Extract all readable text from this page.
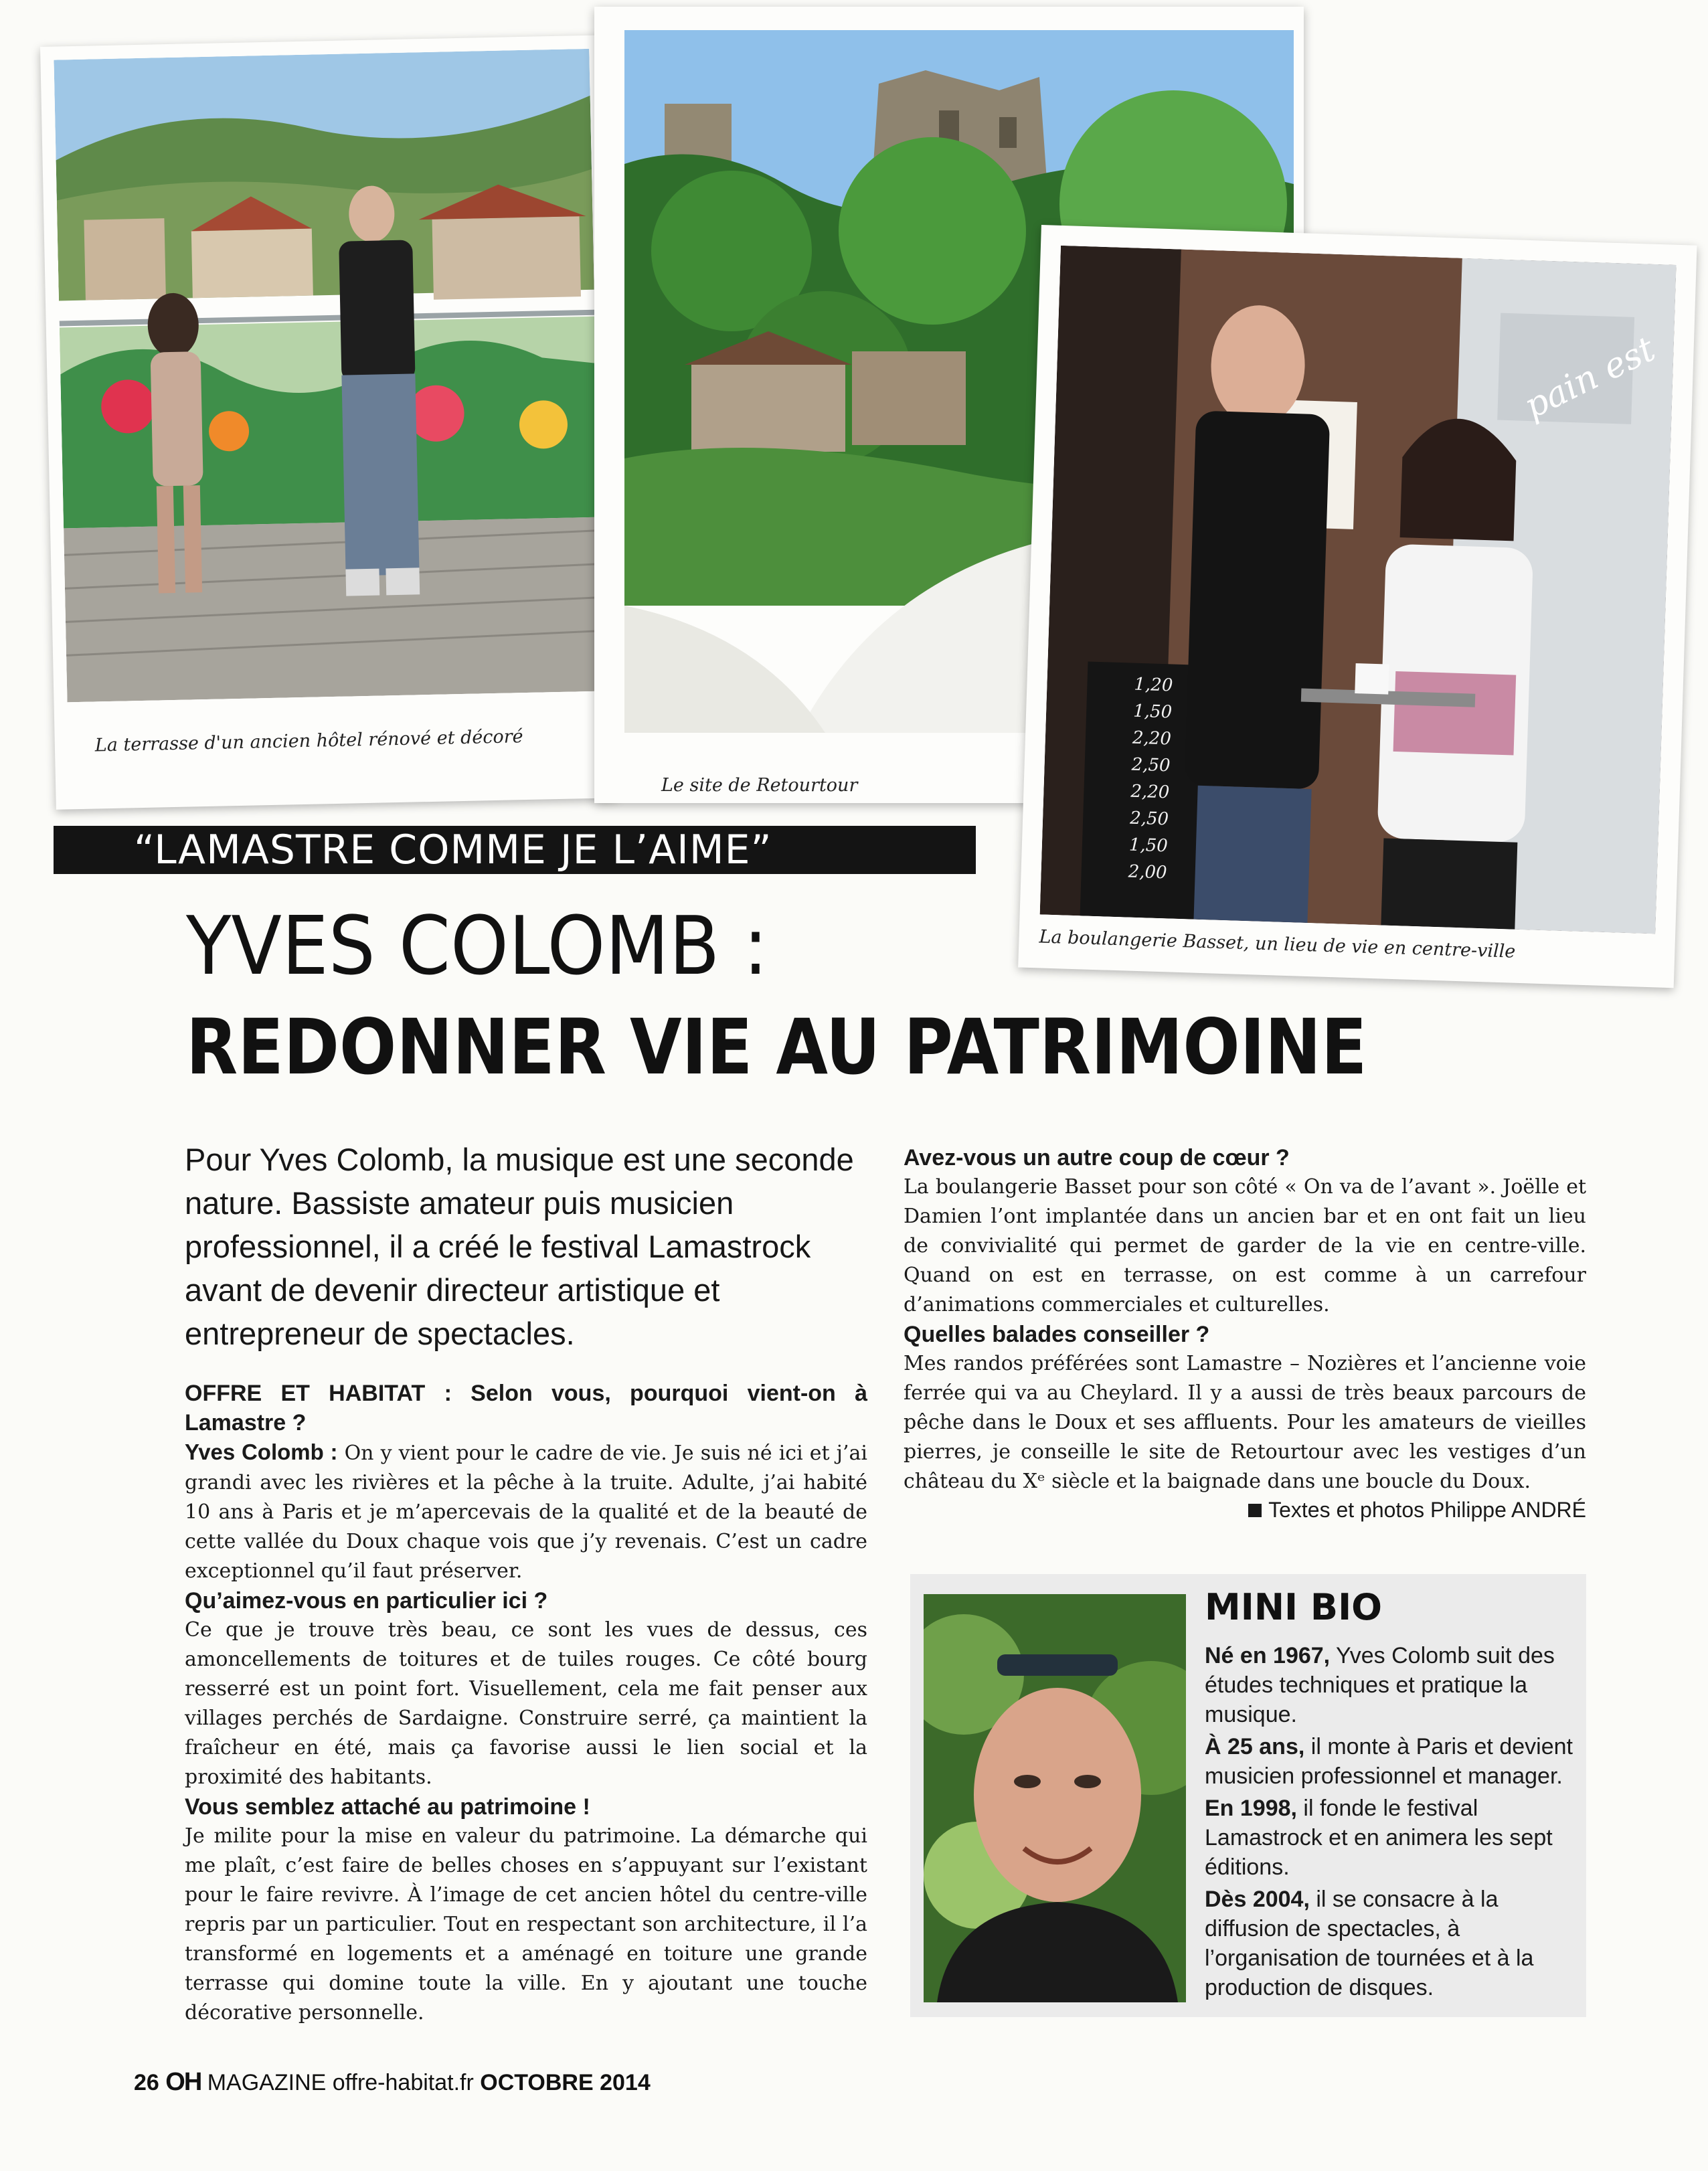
La terrasse d'un ancien hôtel rénové et décoré
Le site de Retourtour
pain est
1,20
1,50
2,20
2,50
2,20
2,50
1,50
2,00
La boulangerie Basset, un lieu de vie en centre-ville
“LAMASTRE COMME JE L’AIME”
YVES COLOMB :
REDONNER VIE AU PATRIMOINE
Pour Yves Colomb, la musique est une seconde nature. Bassiste amateur puis musicien professionnel, il a créé le festival Lamastrock avant de devenir directeur artistique et entrepreneur de spectacles.

OFFRE ET HABITAT : Selon vous, pourquoi vient-on à Lamastre ?

Yves Colomb : On y vient pour le cadre de vie. Je suis né ici et j’ai grandi avec les rivières et la pêche à la truite. Adulte, j’ai habité 10 ans à Paris et je m’apercevais de la qualité et de la beauté de cette vallée du Doux chaque vois que j’y revenais. C’est un cadre exceptionnel qu’il faut préserver.

Qu’aimez-vous en particulier ici ?

Ce que je trouve très beau, ce sont les vues de dessus, ces amoncellements de toitures et de tuiles rouges. Ce côté bourg resserré est un point fort. Visuellement, cela me fait penser aux villages perchés de Sardaigne. Construire serré, ça maintient la fraîcheur en été, mais ça favorise aussi le lien social et la proximité des habitants.

Vous semblez attaché au patrimoine !

Je milite pour la mise en valeur du patrimoine. La démarche qui me plaît, c’est faire de belles choses en s’appuyant sur l’existant pour le faire revivre. À l’image de cet ancien hôtel du centre-ville repris par un particulier. Tout en respectant son architecture, il l’a transformé en logements et a aménagé en toiture une grande terrasse qui domine toute la ville. En y ajoutant une touche décorative personnelle.

Avez-vous un autre coup de cœur ?

La boulangerie Basset pour son côté « On va de l’avant ». Joëlle et Damien l’ont implantée dans un ancien bar et en ont fait un lieu de convivialité qui permet de garder de la vie en centre-ville. Quand on est en terrasse, on est comme à un carrefour d’animations commerciales et culturelles.

Quelles balades conseiller ?

Mes randos préférées sont Lamastre – Nozières et l’ancienne voie ferrée qui va au Cheylard. Il y a aussi de très beaux parcours de pêche dans le Doux et ses affluents. Pour les amateurs de vieilles pierres, je conseille le site de Retourtour avec les vestiges d’un château du Xᵉ siècle et la baignade dans une boucle du Doux.

Textes et photos Philippe ANDRÉ
MINI BIO

Né en 1967, Yves Colomb suit des études techniques et pratique la musique.

À 25 ans, il monte à Paris et devient musicien professionnel et manager.

En 1998, il fonde le festival Lamastrock et en animera les sept éditions.

Dès 2004, il se consacre à la diffusion de spectacles, à l’organisation de tournées et à la production de disques.

26 OH MAGAZINE offre-habitat.fr OCTOBRE 2014
